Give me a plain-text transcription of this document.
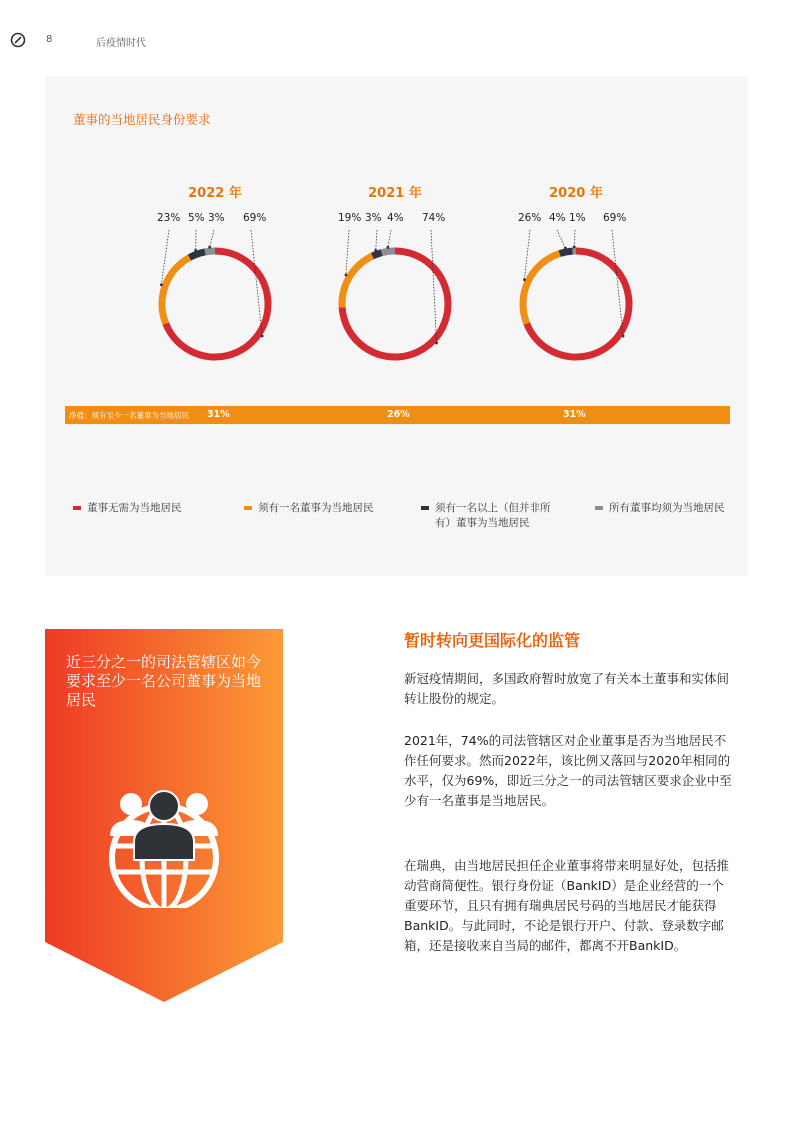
8	后疫情时代
董事的当地居民身份要求
2022 年
23% 5% 3% 69%
2021 年
19% 3% 4% 74%
2020 年
26% 4% 1% 69%
净值：须有至少一名董事为当地居民 31%	26%	31%
董事无需为当地居民	须有一名董事为当地居民	须有一名以上（但并非所有）董事为当地居民
所有董事均须为当地居民
近三分之一的司法管辖区如今要求至少一名公司董事为当地居民
暂时转向更国际化的监管
新冠疫情期间，多国政府暂时放宽了有关本土董事和实体间转让股份的规定。
2021年，74%的司法管辖区对企业董事是否为当地居民不作任何要求。然而2022年，该比例又落回与2020年相同的水平，仅为69%，即近三分之一的司法管辖区要求企业中至少有一名董事是当地居民。
在瑞典，由当地居民担任企业董事将带来明显好处，包括推动营商简便性。银行身份证（BankID）是企业经营的一个重要环节，且只有拥有瑞典居民号码的当地居民才能获得BankID。与此同时，不论是银行开户、付款、登录数字邮箱，还是接收来自当局的邮件，都离不开BankID。
